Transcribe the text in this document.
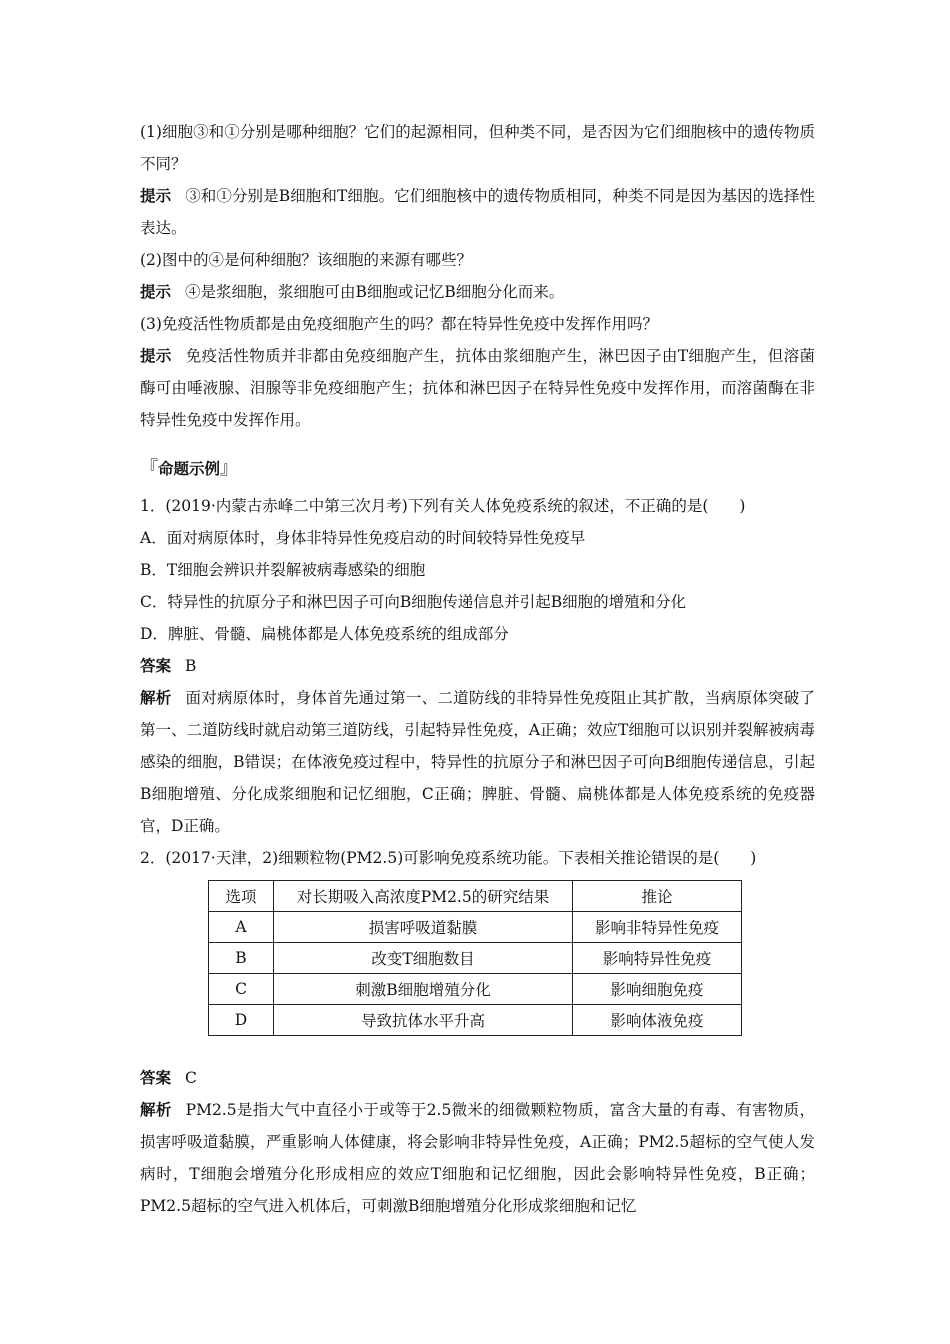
(1)细胞③和①分别是哪种细胞？它们的起源相同，但种类不同，是否因为它们细胞核中的遗传物质不同？

提示 ③和①分别是B细胞和T细胞。它们细胞核中的遗传物质相同，种类不同是因为基因的选择性表达。

(2)图中的④是何种细胞？该细胞的来源有哪些？

提示 ④是浆细胞，浆细胞可由B细胞或记忆B细胞分化而来。

(3)免疫活性物质都是由免疫细胞产生的吗？都在特异性免疫中发挥作用吗？

提示 免疫活性物质并非都由免疫细胞产生，抗体由浆细胞产生，淋巴因子由T细胞产生，但溶菌酶可由唾液腺、泪腺等非免疫细胞产生；抗体和淋巴因子在特异性免疫中发挥作用，而溶菌酶在非特异性免疫中发挥作用。

『命题示例』

1．(2019·内蒙古赤峰二中第三次月考)下列有关人体免疫系统的叙述，不正确的是(　　)

A．面对病原体时，身体非特异性免疫启动的时间较特异性免疫早

B．T细胞会辨识并裂解被病毒感染的细胞

C．特异性的抗原分子和淋巴因子可向B细胞传递信息并引起B细胞的增殖和分化

D．脾脏、骨髓、扁桃体都是人体免疫系统的组成部分

答案 B

解析 面对病原体时，身体首先通过第一、二道防线的非特异性免疫阻止其扩散，当病原体突破了第一、二道防线时就启动第三道防线，引起特异性免疫，A正确；效应T细胞可以识别并裂解被病毒感染的细胞，B错误；在体液免疫过程中，特异性的抗原分子和淋巴因子可向B细胞传递信息，引起B细胞增殖、分化成浆细胞和记忆细胞，C正确；脾脏、骨髓、扁桃体都是人体免疫系统的免疫器官，D正确。

2．(2017·天津，2)细颗粒物(PM2.5)可影响免疫系统功能。下表相关推论错误的是(　　)

选项	对长期吸入高浓度PM2.5的研究结果	推论
A	损害呼吸道黏膜	影响非特异性免疫
B	改变T细胞数目	影响特异性免疫
C	刺激B细胞增殖分化	影响细胞免疫
D	导致抗体水平升高	影响体液免疫

答案 C

解析 PM2.5是指大气中直径小于或等于2.5微米的细微颗粒物质，富含大量的有毒、有害物质，损害呼吸道黏膜，严重影响人体健康，将会影响非特异性免疫，A正确；PM2.5超标的空气使人发病时，T细胞会增殖分化形成相应的效应T细胞和记忆细胞，因此会影响特异性免疫，B正确；PM2.5超标的空气进入机体后，可刺激B细胞增殖分化形成浆细胞和记忆
